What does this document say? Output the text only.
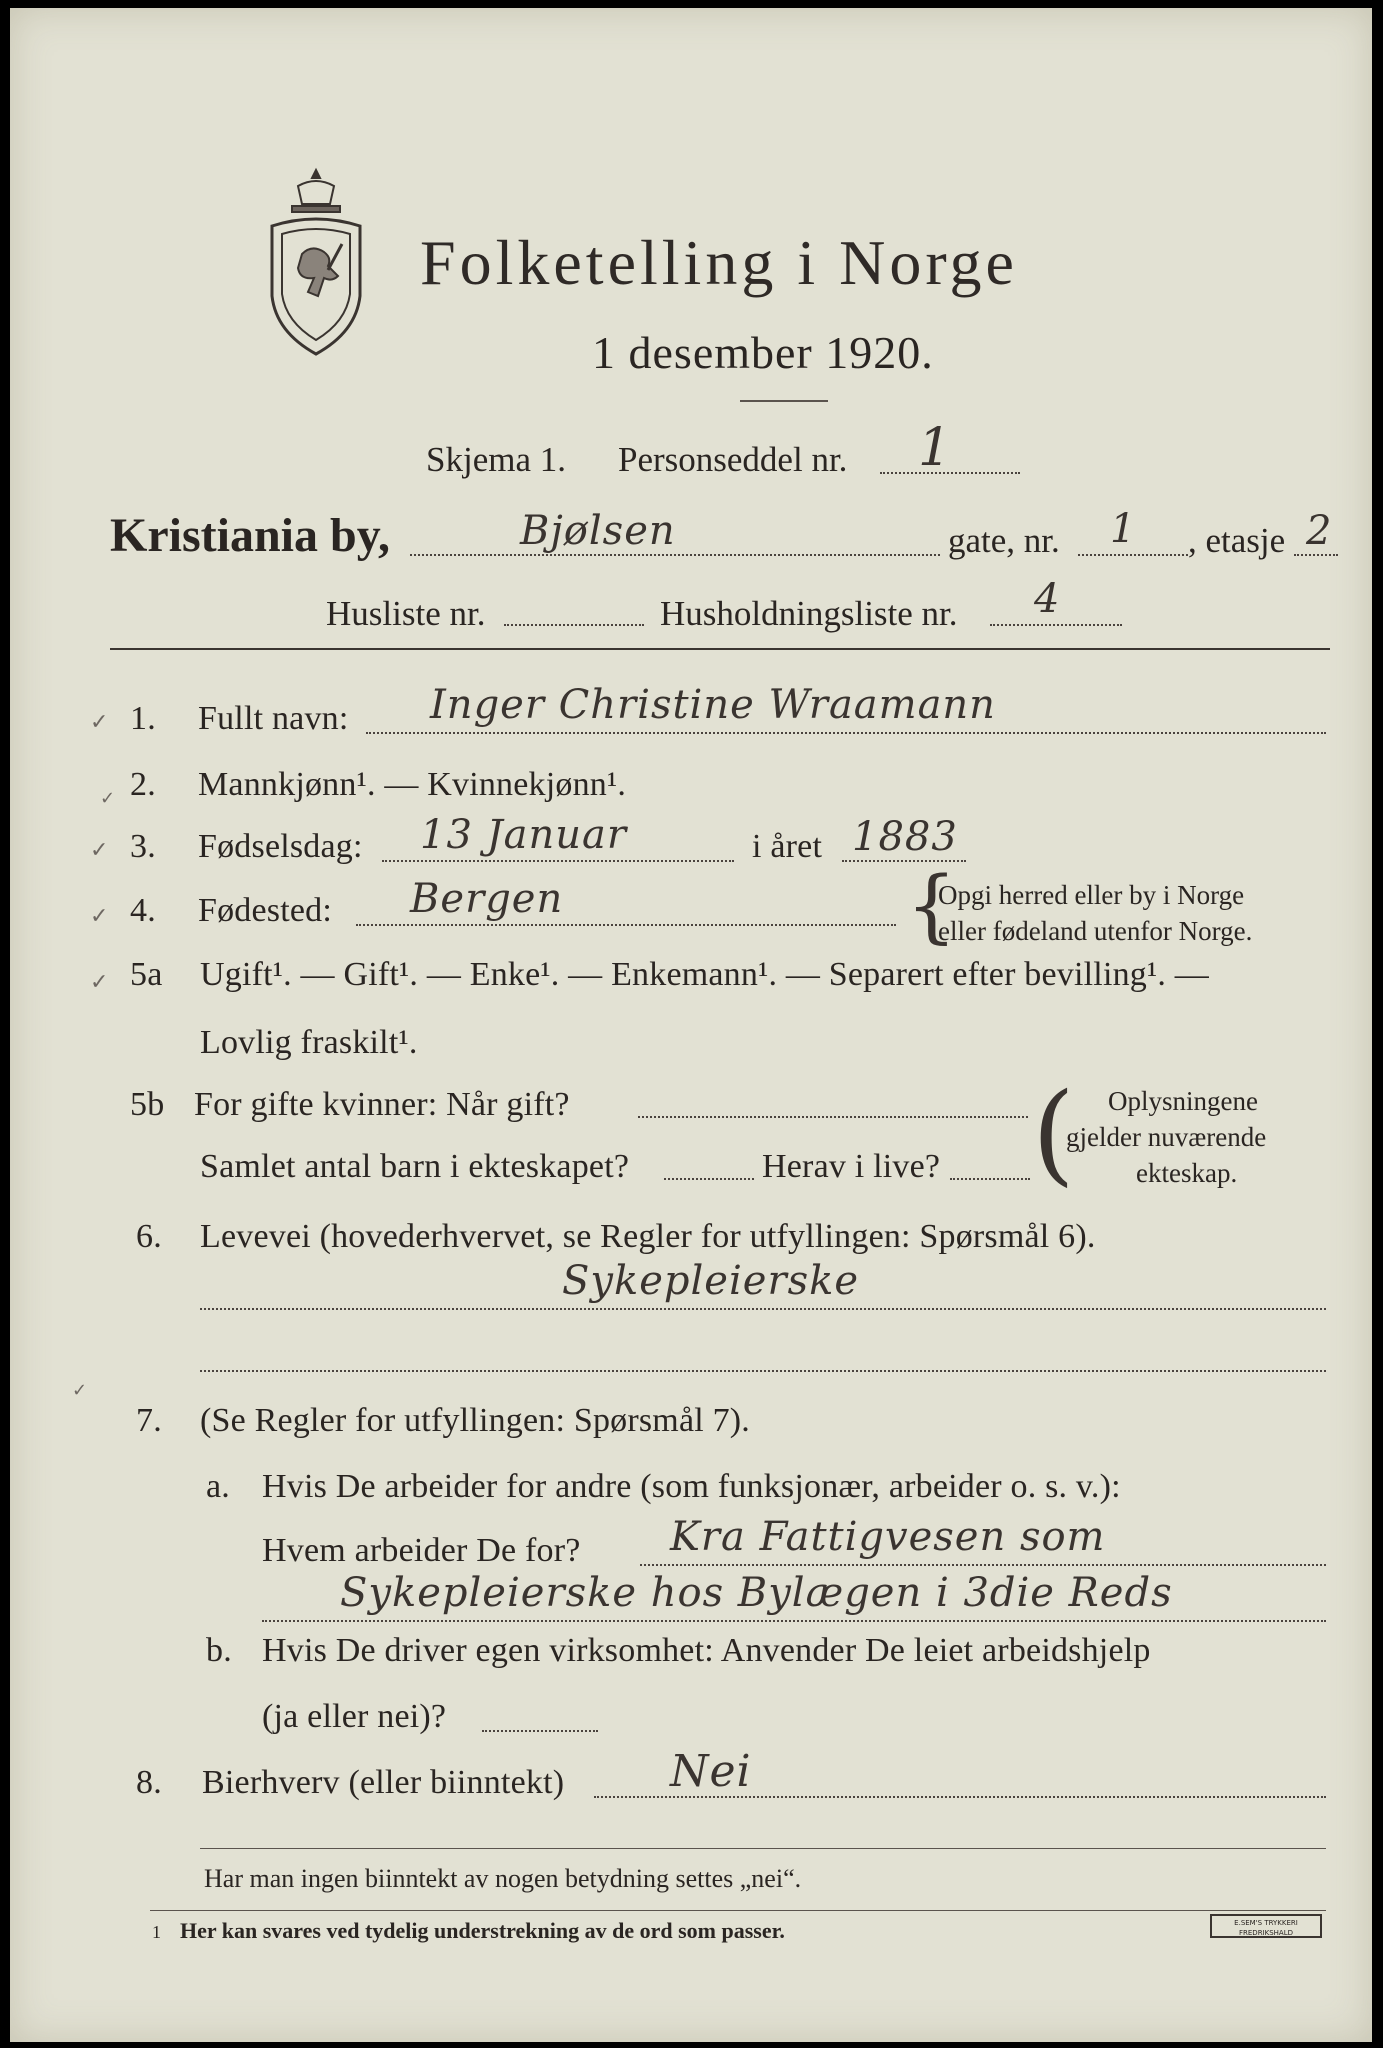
Folketelling i Norge
1 desember 1920.
Skjema 1. Personseddel nr. 1
Kristiania by,	Bjølsen	gate, nr. 1 , etasje 2
Husliste nr.	Husholdningsliste nr. 4
✓ 1. Fullt navn: Inger Christine Wraamann
✓ 2. Mannkjønn¹. — Kvinnekjønn¹.
✓ 3. Fødselsdag: 13 Januar	i året 1883
✓ 4. Fødested: Bergen	{
Opgi herred eller by i Norge
eller fødeland utenfor Norge.
✓ 5a Ugift¹. — Gift¹. — Enke¹. — Enkemann¹. — Separert efter bevilling¹. —
Lovlig fraskilt¹.
5b For gifte kvinner: Når gift?
Samlet antal barn i ekteskapet?	Herav i live? ( Oplysningene
gjelder nuværende
ekteskap.
6. Levevei (hovederhvervet, se Regler for utfyllingen: Spørsmål 6).
Sykepleierske
✓
7. (Se Regler for utfyllingen: Spørsmål 7).
a. Hvis De arbeider for andre (som funksjonær, arbeider o. s. v.):
Hvem arbeider De for? Kra Fattigvesen som
Sykepleierske hos Bylægen i 3die Reds
b. Hvis De driver egen virksomhet: Anvender De leiet arbeidshjelp
(ja eller nei)?
8. Bierhverv (eller biinntekt) Nei
Har man ingen biinntekt av nogen betydning settes „nei“.
1 Her kan svares ved tydelig understrekning av de ord som passer.	E.SEM'S TRYKKERI FREDRIKSHALD
